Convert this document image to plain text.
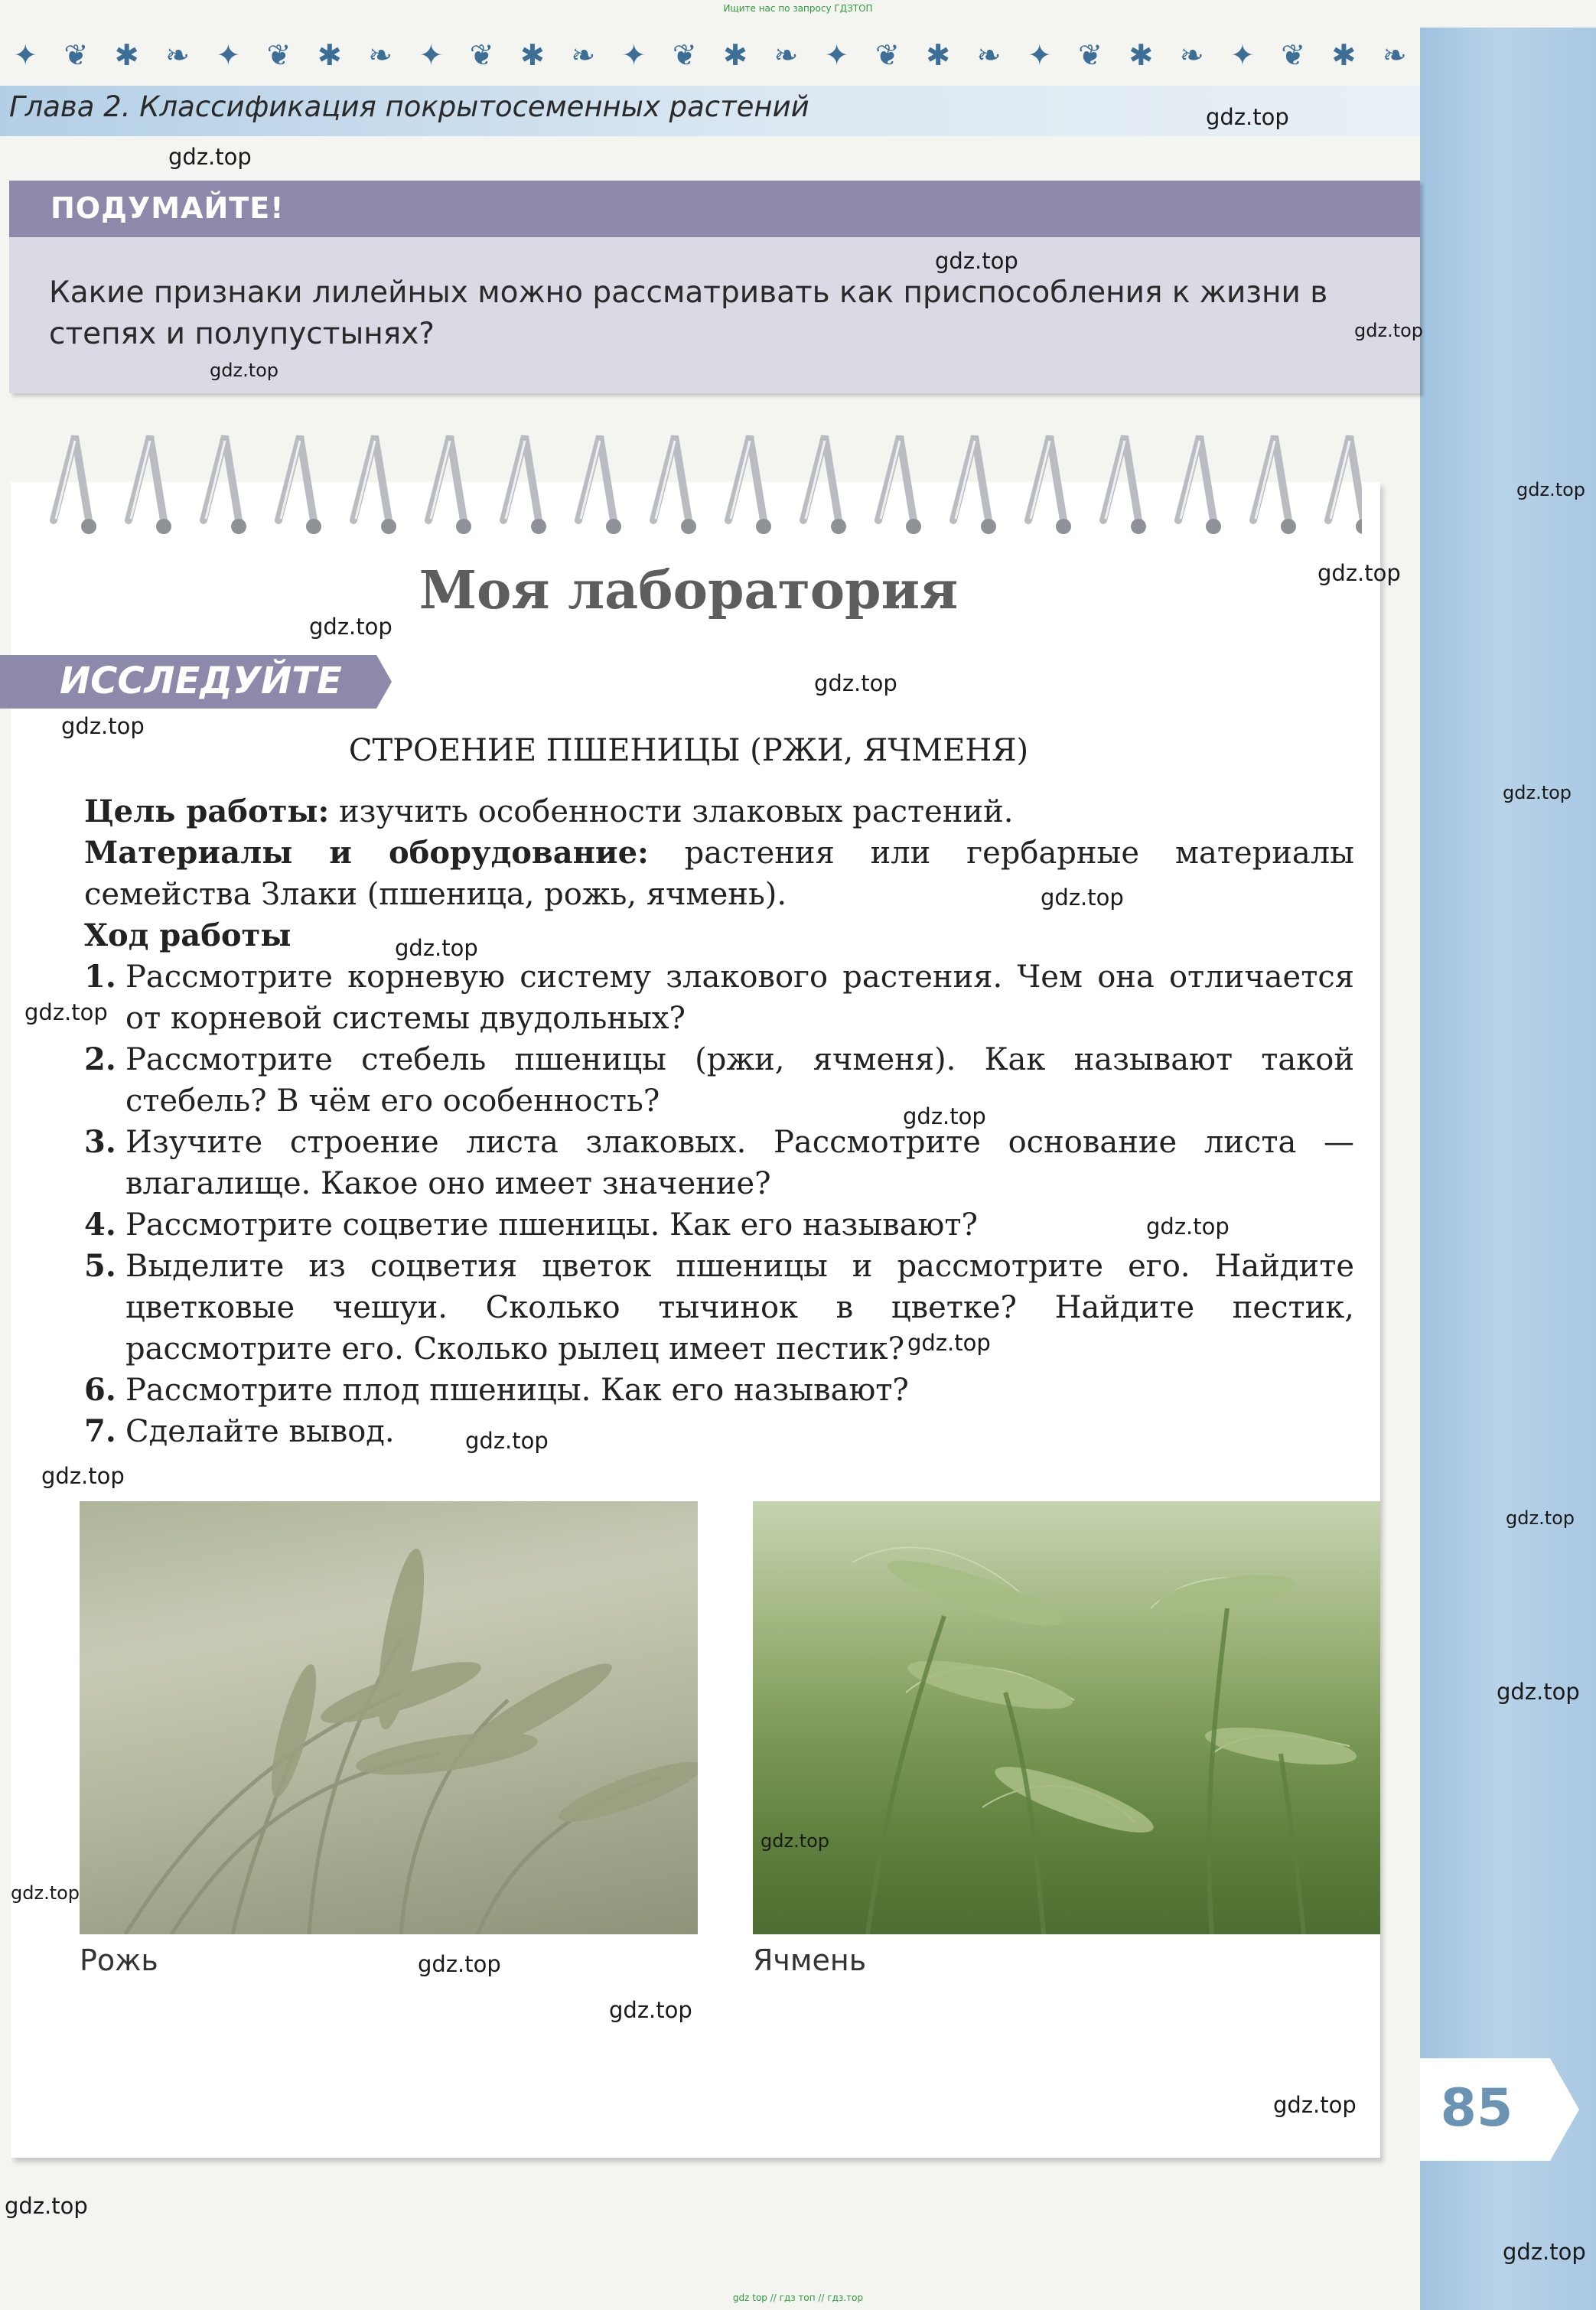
Ищите нас по запросу ГДЗТОП
✦ ❦ ✱ ❧ ✦ ❦ ✱ ❧ ✦ ❦ ✱ ❧ ✦ ❦ ✱ ❧ ✦ ❦ ✱ ❧ ✦ ❦ ✱ ❧ ✦ ❦ ✱ ❧
Глава 2. Классификация покрытосеменных растений
ПОДУМАЙТЕ!
Какие признаки лилейных можно рассматривать как приспособления к жизни в степях и полупустынях?
Моя лаборатория
ИССЛЕДУЙТЕ
СТРОЕНИЕ ПШЕНИЦЫ (РЖИ, ЯЧМЕНЯ)

Цель работы: изучить особенности злаковых растений.

Материалы и оборудование: растения или гербарные материалы семейства Злаки (пшеница, рожь, ячмень).

Ход работы

1. Рассмотрите корневую систему злакового растения. Чем она отличается от корневой системы двудольных?
2. Рассмотрите стебель пшеницы (ржи, ячменя). Как называют такой стебель? В чём его особенность?
3. Изучите строение листа злаковых. Рассмотрите основание листа — влагалище. Какое оно имеет значение?
4. Рассмотрите соцветие пшеницы. Как его называют?
5. Выделите из соцветия цветок пшеницы и рассмотрите его. Найдите цветковые чешуи. Сколько тычинок в цветке? Найдите пестик, рассмотрите его. Сколько рылец имеет пестик?
6. Рассмотрите плод пшеницы. Как его называют?
7. Сделайте вывод.
Рожь	Ячмень
85
gdz.top
gdz.top
gdz.top
gdz.top
gdz.top
gdz.top
gdz.top
gdz.top
gdz.top
gdz.top
gdz.top
gdz.top
gdz.top
gdz.top
gdz.top
gdz.top
gdz.top
gdz.top
gdz.top
gdz.top
gdz.top
gdz.top
gdz.top
gdz.top
gdz.top
gdz.top
gdz.top
gdz.top
gdz top // гдз топ // гдз.тор
